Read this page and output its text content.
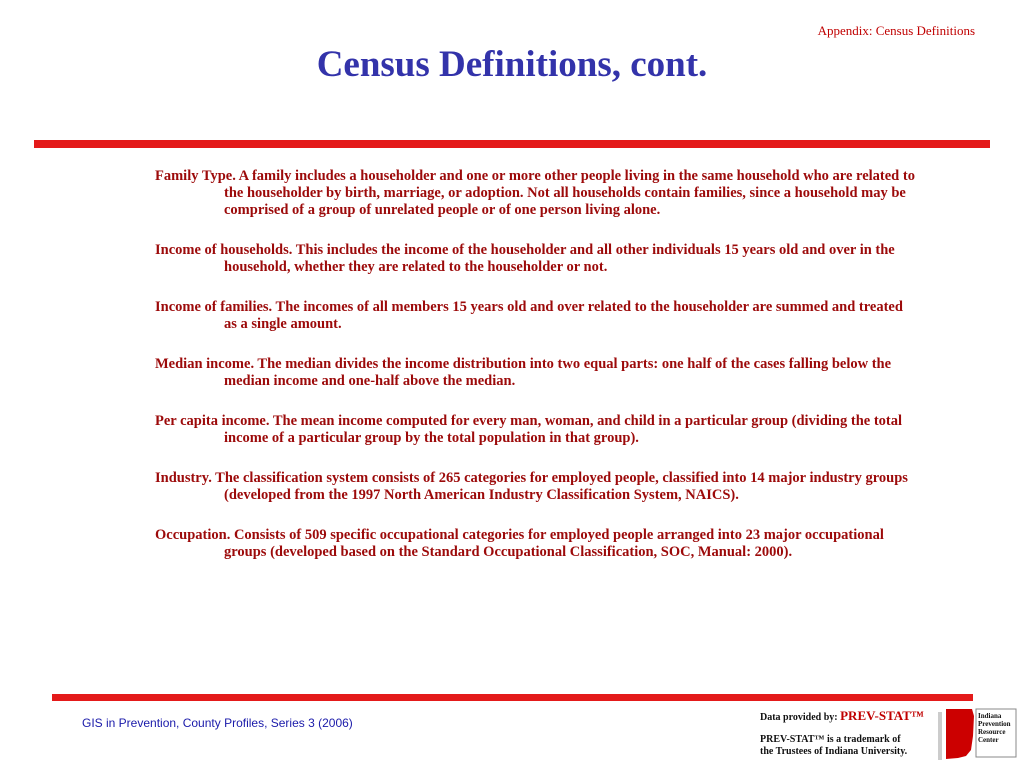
Appendix: Census Definitions
Census Definitions, cont.

Family Type. A family includes a householder and one or more other people living in the same household who are related to the householder by birth, marriage, or adoption. Not all households contain families, since a household may be comprised of a group of unrelated people or of one person living alone.

Income of households. This includes the income of the householder and all other individuals 15 years old and over in the household, whether they are related to the householder or not.

Income of families. The incomes of all members 15 years old and over related to the householder are summed and treated as a single amount.

Median income. The median divides the income distribution into two equal parts: one half of the cases falling below the median income and one-half above the median.

Per capita income. The mean income computed for every man, woman, and child in a particular group (dividing the total income of a particular group by the total population in that group).

Industry. The classification system consists of 265 categories for employed people, classified into 14 major industry groups (developed from the 1997 North American Industry Classification System, NAICS).

Occupation. Consists of 509 specific occupational categories for employed people arranged into 23 major occupational groups (developed based on the Standard Occupational Classification, SOC, Manual: 2000).

GIS in Prevention, County Profiles, Series 3 (2006)	Data provided by: PREV-STAT™
PREV-STAT™ is a trademark of
the Trustees of Indiana University.
Indiana
Prevention
Resource
Center
